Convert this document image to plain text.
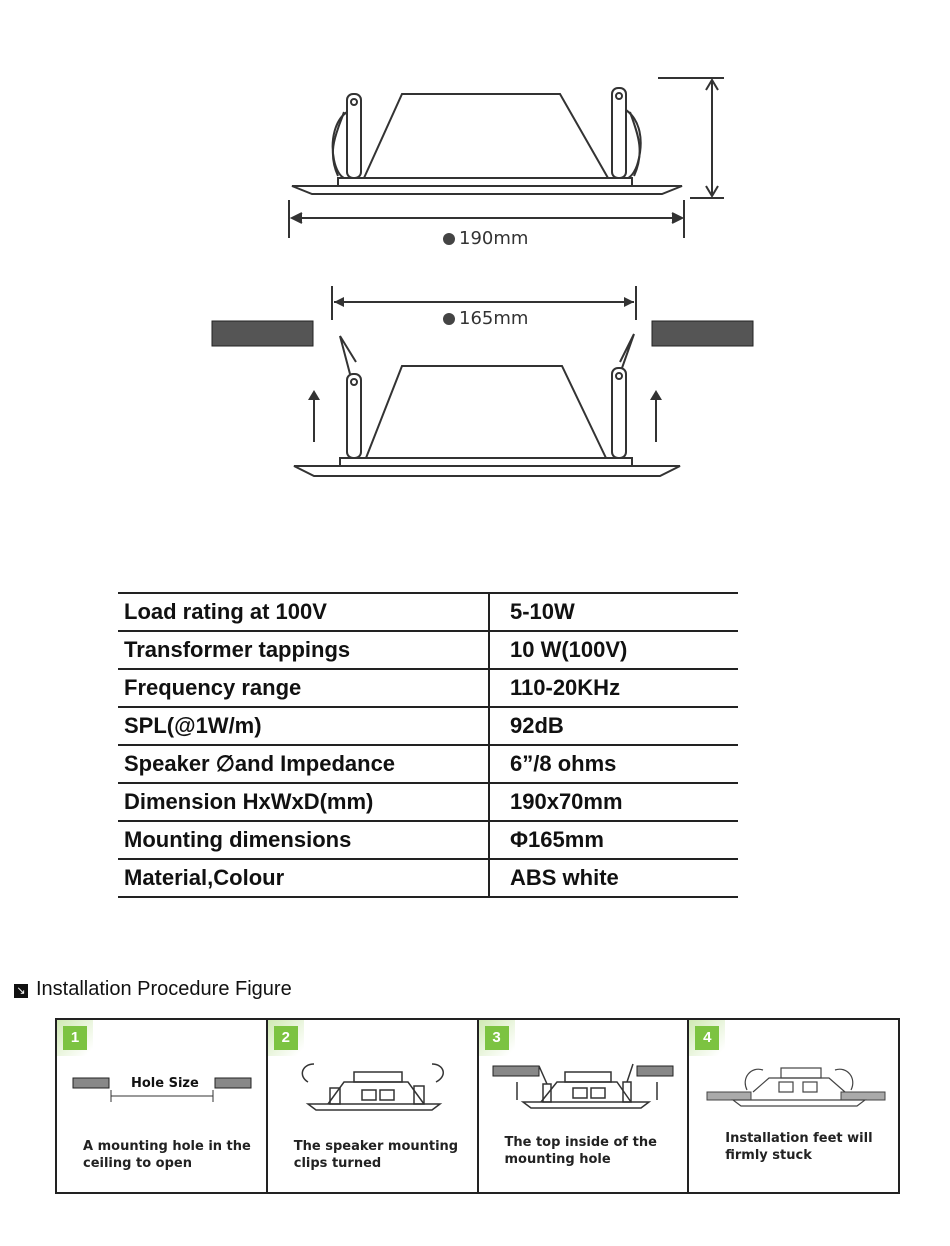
190mm
165mm
Load rating at 100V	5-10W
Transformer tappings	10 W(100V)
Frequency range	110-20KHz
SPL(@1W/m)	92dB
Speaker ∅and Impedance	6”/8 ohms
Dimension HxWxD(mm)	190x70mm
Mounting dimensions	Φ165mm
Material,Colour	ABS white
↘ Installation Procedure Figure
1
Hole Size
A mounting hole in the
ceiling to open
2
The speaker mounting
clips turned
3
The top inside of the
mounting hole
4
Installation feet will
firmly stuck
